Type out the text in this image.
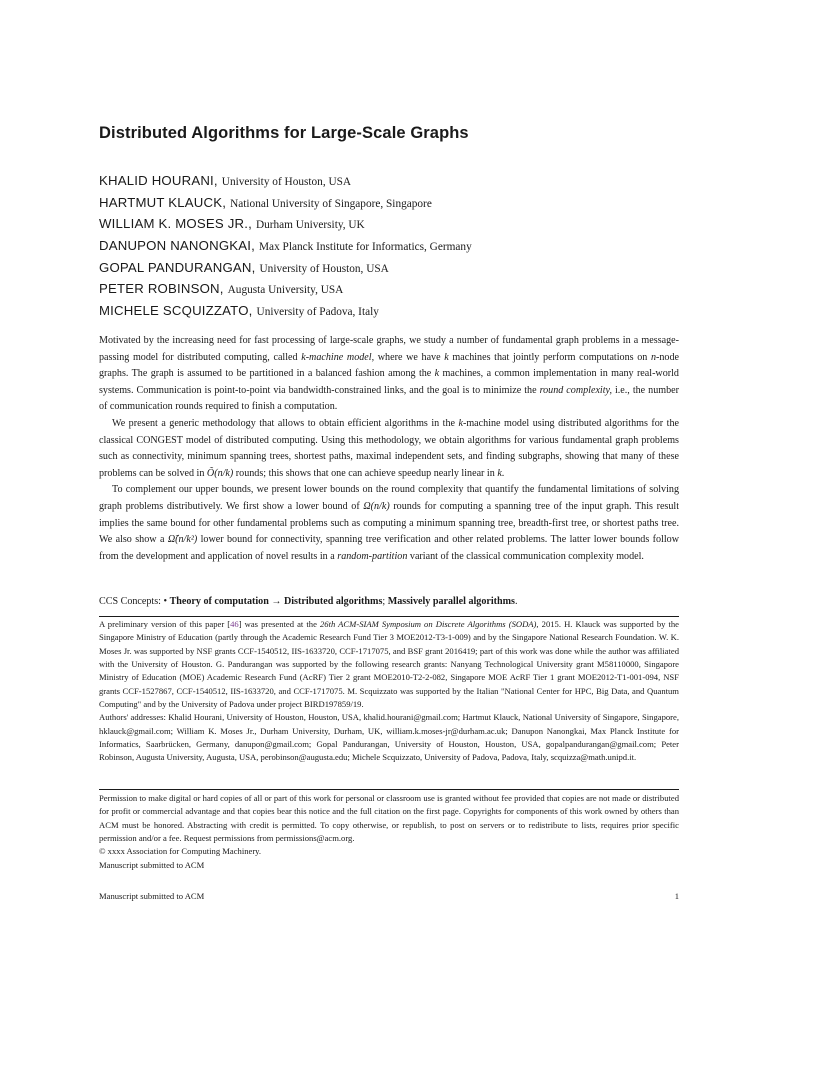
Distributed Algorithms for Large-Scale Graphs
KHALID HOURANI, University of Houston, USA
HARTMUT KLAUCK, National University of Singapore, Singapore
WILLIAM K. MOSES JR., Durham University, UK
DANUPON NANONGKAI, Max Planck Institute for Informatics, Germany
GOPAL PANDURANGAN, University of Houston, USA
PETER ROBINSON, Augusta University, USA
MICHELE SCQUIZZATO, University of Padova, Italy

Motivated by the increasing need for fast processing of large-scale graphs, we study a number of fundamental graph problems in a message-passing model for distributed computing, called k-machine model, where we have k machines that jointly perform computations on n-node graphs. The graph is assumed to be partitioned in a balanced fashion among the k machines, a common implementation in many real-world systems. Communication is point-to-point via bandwidth-constrained links, and the goal is to minimize the round complexity, i.e., the number of communication rounds required to finish a computation.

We present a generic methodology that allows to obtain efficient algorithms in the k-machine model using distributed algorithms for the classical CONGEST model of distributed computing. Using this methodology, we obtain algorithms for various fundamental graph problems such as connectivity, minimum spanning trees, shortest paths, maximal independent sets, and finding subgraphs, showing that many of these problems can be solved in Õ(n/k) rounds; this shows that one can achieve speedup nearly linear in k.

To complement our upper bounds, we present lower bounds on the round complexity that quantify the fundamental limitations of solving graph problems distributively. We first show a lower bound of Ω(n/k) rounds for computing a spanning tree of the input graph. This result implies the same bound for other fundamental problems such as computing a minimum spanning tree, breadth-first tree, or shortest paths tree. We also show a Ω̃(n/k²) lower bound for connectivity, spanning tree verification and other related problems. The latter lower bounds follow from the development and application of novel results in a random-partition variant of the classical communication complexity model.

CCS Concepts: • Theory of computation → Distributed algorithms; Massively parallel algorithms.

A preliminary version of this paper [46] was presented at the 26th ACM-SIAM Symposium on Discrete Algorithms (SODA), 2015. H. Klauck was supported by the Singapore Ministry of Education (partly through the Academic Research Fund Tier 3 MOE2012-T3-1-009) and by the Singapore National Research Foundation. W. K. Moses Jr. was supported by NSF grants CCF-1540512, IIS-1633720, CCF-1717075, and BSF grant 2016419; part of this work was done while the author was affiliated with the University of Houston. G. Pandurangan was supported by the following research grants: Nanyang Technological University grant M58110000, Singapore Ministry of Education (MOE) Academic Research Fund (AcRF) Tier 2 grant MOE2010-T2-2-082, Singapore MOE AcRF Tier 1 grant MOE2012-T1-001-094, NSF grants CCF-1527867, CCF-1540512, IIS-1633720, and CCF-1717075. M. Scquizzato was supported by the Italian "National Center for HPC, Big Data, and Quantum Computing" and by the University of Padova under project BIRD197859/19.

Authors' addresses: Khalid Hourani, University of Houston, Houston, USA, khalid.hourani@gmail.com; Hartmut Klauck, National University of Singapore, Singapore, hklauck@gmail.com; William K. Moses Jr., Durham University, Durham, UK, william.k.moses-jr@durham.ac.uk; Danupon Nanongkai, Max Planck Institute for Informatics, Saarbrücken, Germany, danupon@gmail.com; Gopal Pandurangan, University of Houston, Houston, USA, gopalpandurangan@gmail.com; Peter Robinson, Augusta University, Augusta, USA, perobinson@augusta.edu; Michele Scquizzato, University of Padova, Padova, Italy, scquizza@math.unipd.it.

Permission to make digital or hard copies of all or part of this work for personal or classroom use is granted without fee provided that copies are not made or distributed for profit or commercial advantage and that copies bear this notice and the full citation on the first page. Copyrights for components of this work owned by others than ACM must be honored. Abstracting with credit is permitted. To copy otherwise, or republish, to post on servers or to redistribute to lists, requires prior specific permission and/or a fee. Request permissions from permissions@acm.org.

© xxxx Association for Computing Machinery.

Manuscript submitted to ACM

Manuscript submitted to ACM	1
